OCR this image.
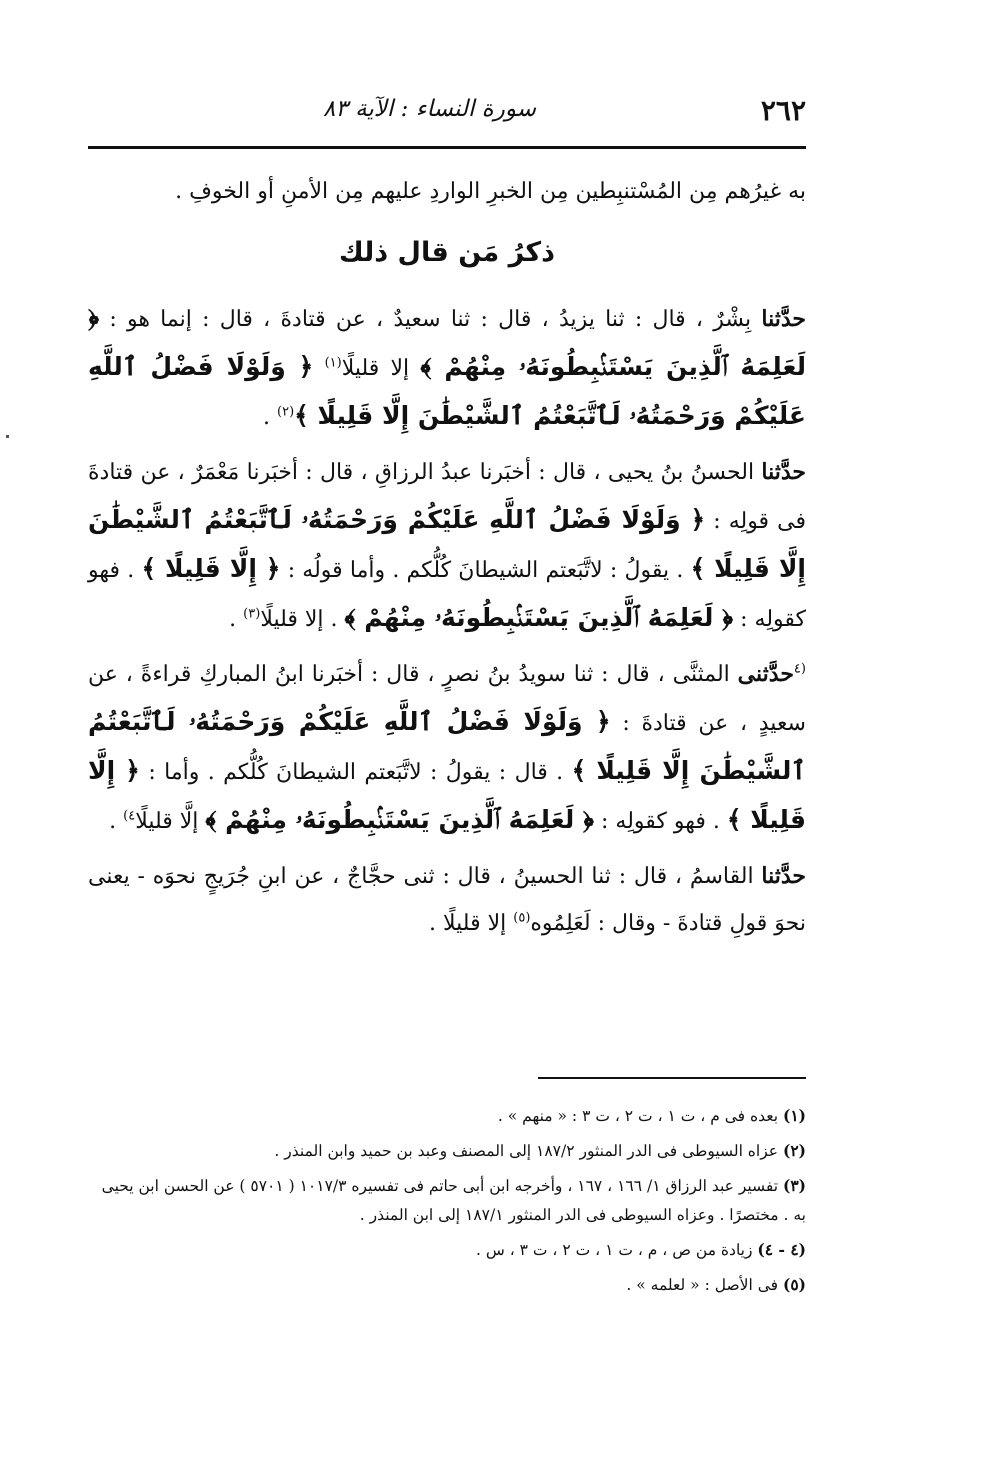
٢٦٢
سورة النساء : الآية ٨٣

به غيرُهم مِن المُسْتنبِطين مِن الخبرِ الواردِ عليهم مِن الأمنِ أو الخوفِ .

ذكرُ مَن قال ذلك

حدَّثنا بِشْرٌ ، قال : ثنا يزيدُ ، قال : ثنا سعيدٌ ، عن قتادةَ ، قال : إنما هو : ﴿ لَعَلِمَهُ ٱلَّذِينَ يَسْتَنۢبِطُونَهُۥ مِنْهُمْ ﴾ إلا قليلًا$^{(١)}$ ﴿ وَلَوْلَا فَضْلُ ٱللَّهِ عَلَيْكُمْ وَرَحْمَتُهُۥ لَٱتَّبَعْتُمُ ٱلشَّيْطَٰنَ إِلَّا قَلِيلًا ﴾$^{(٢)}$ .

حدَّثنا الحسنُ بنُ يحيى ، قال : أخبَرنا عبدُ الرزاقِ ، قال : أخبَرنا مَعْمَرٌ ، عن قتادةَ فى قولِه : ﴿ وَلَوْلَا فَضْلُ ٱللَّهِ عَلَيْكُمْ وَرَحْمَتُهُۥ لَٱتَّبَعْتُمُ ٱلشَّيْطَٰنَ إِلَّا قَلِيلًا ﴾ . يقولُ : لاتَّبَعتم الشيطانَ كُلُّكم . وأما قولُه : ﴿ إِلَّا قَلِيلًا ﴾ . فهو كقولِه : ﴿ لَعَلِمَهُ ٱلَّذِينَ يَسْتَنۢبِطُونَهُۥ مِنْهُمْ ﴾ . إلا قليلًا$^{(٣)}$ .

$^{(٤}$حدَّثنى المثنَّى ، قال : ثنا سويدُ بنُ نصرٍ ، قال : أخبَرنا ابنُ المباركِ قراءةً ، عن سعيدٍ ، عن قتادةَ : ﴿ وَلَوْلَا فَضْلُ ٱللَّهِ عَلَيْكُمْ وَرَحْمَتُهُۥ لَٱتَّبَعْتُمُ ٱلشَّيْطَٰنَ إِلَّا قَلِيلًا ﴾ . قال : يقولُ : لاتَّبَعتم الشيطانَ كُلُّكم . وأما : ﴿ إِلَّا قَلِيلًا ﴾ . فهو كقولِه : ﴿ لَعَلِمَهُ ٱلَّذِينَ يَسْتَنۢبِطُونَهُۥ مِنْهُمْ ﴾ إلَّا قليلًا$^{٤)}$ .

حدَّثنا القاسمُ ، قال : ثنا الحسينُ ، قال : ثنى حجَّاجٌ ، عن ابنِ جُرَيجٍ نحوَه - يعنى نحوَ قولِ قتادةَ - وقال : لَعَلِمُوه$^{(٥)}$ إلا قليلًا .

(١) بعده فى م ، ت ١ ، ت ٢ ، ت ٣ : « منهم » .

(٢) عزاه السيوطى فى الدر المنثور ١٨٧/٢ إلى المصنف وعبد بن حميد وابن المنذر .

(٣) تفسير عبد الرزاق ١/ ١٦٦ ، ١٦٧ ، وأخرجه ابن أبى حاتم فى تفسيره ١٠١٧/٣ ( ٥٧٠١ ) عن الحسن ابن يحيى به . مختصرًا . وعزاه السيوطى فى الدر المنثور ١٨٧/١ إلى ابن المنذر .

(٤ - ٤) زيادة من ص ، م ، ت ١ ، ت ٢ ، ت ٣ ، س .

(٥) فى الأصل : « لعلمه » .
